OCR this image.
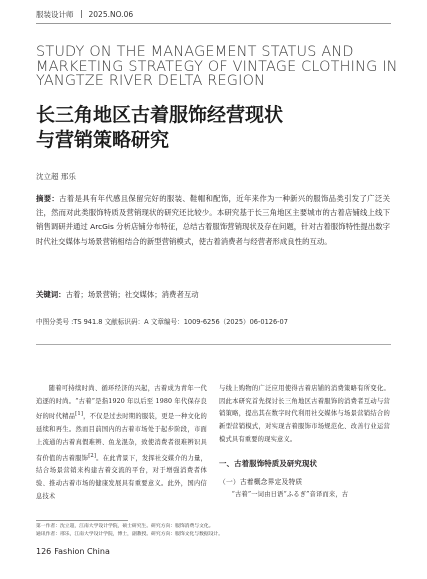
服装设计师 2025.NO.06
STUDY ON THE MANAGEMENT STATUS AND MARKETING STRATEGY OF VINTAGE CLOTHING IN YANGTZE RIVER DELTA REGION
长三角地区古着服饰经营现状
与营销策略研究
沈立超 邢乐
摘要：古着是具有年代感且保留完好的服装、鞋帽和配饰，近年来作为一种新兴的服饰品类引发了广泛关注，然而对此类服饰特质及营销现状的研究还比较少。本研究基于长三角地区主要城市的古着店铺线上线下销售调研并通过 ArcGis 分析店铺分布特征，总结古着服饰营销现状及存在问题，针对古着服饰特性提出数字时代社交媒体与场景营销相结合的新型营销模式，使古着消费者与经营者形成良性的互动。
关键词：古着；场景营销；社交媒体；消费者互动
中图分类号 :TS 941.8 文献标识码：A 文章编号：1009-6256（2025）06-0126-07

随着可持续时尚、循环经济的兴起，古着成为青年一代追逐的时尚。“古着”是指1920 年以后至 1980 年代保存良好的时代精品[1]，不仅是过去时期的服装，更是一种文化的延续和再生。然而目前国内的古着市场处于起步阶段，市面上流通的古着真假难辨、鱼龙混杂，致使消费者很难辨识具有价值的古着服饰[2]。在此背景下，发挥社交媒介的力量，结合场景营销来构建古着交流的平台，对于增强消费者体验、推动古着市场的健康发展具有重要意义。此外，国内信息技术

与线上购物的广泛应用使得古着店铺的消费策略有所变化。因此本研究首先探讨长三角地区古着服饰的消费者互动与营销策略，提出其在数字时代利用社交媒体与场景营销结合的新型营销模式，对实现古着服饰市场规范化、改善行业运营模式具有重要的现实意义。

一、古着服饰特质及研究现状

（一）古着概念界定及特质

“古着”一词由日语“ふるぎ”音译而来，古

第一作者：沈立超，江南大学设计学院，硕士研究生。研究方向：服饰消费与文化。

通讯作者：邢乐，江南大学设计学院，博士，副教授。研究方向：服饰文化与数据设计。

126 Fashion China
